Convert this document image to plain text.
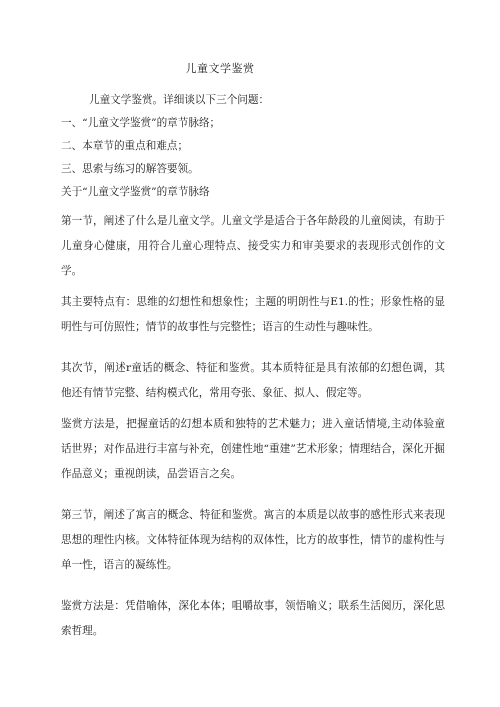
儿童文学鉴赏

儿童文学鉴赏。详细谈以下三个问题：

一、“儿童文学鉴赏”的章节脉络；

二、本章节的重点和难点；

三、思索与练习的解答要领。

关于“儿童文学鉴赏”的章节脉络

第一节，阐述了什么是儿童文学。儿童文学是适合于各年龄段的儿童阅读，有助于儿童身心健康，用符合儿童心理特点、接受实力和审美要求的表现形式创作的文学。

其主要特点有：思维的幻想性和想象性；主题的明朗性与E1.的性；形象性格的显明性与可仿照性；情节的故事性与完整性；语言的生动性与趣味性。

其次节，阐述r童话的概念、特征和鉴赏。其本质特征是具有浓郁的幻想色调，其他还有情节完整、结构模式化，常用夸张、象征、拟人、假定等。

鉴赏方法是，把握童话的幻想本质和独特的艺术魅力；进入童话情境,主动体验童话世界；对作品进行丰富与补充，创建性地“重建”艺术形象；情理结合，深化开掘作品意义；重视朗读，品尝语言之矣。

第三节，阐述了寓言的概念、特征和鉴赏。寓言的本质是以故事的感性形式来表现思想的理性内核。文体特征体现为结构的双体性，比方的故事性，情节的虚构性与单一性，语言的凝练性。

鉴赏方法是：凭借喻体，深化本体；咀嚼故事，领悟喻义；联系生活阅历，深化思索哲理。
